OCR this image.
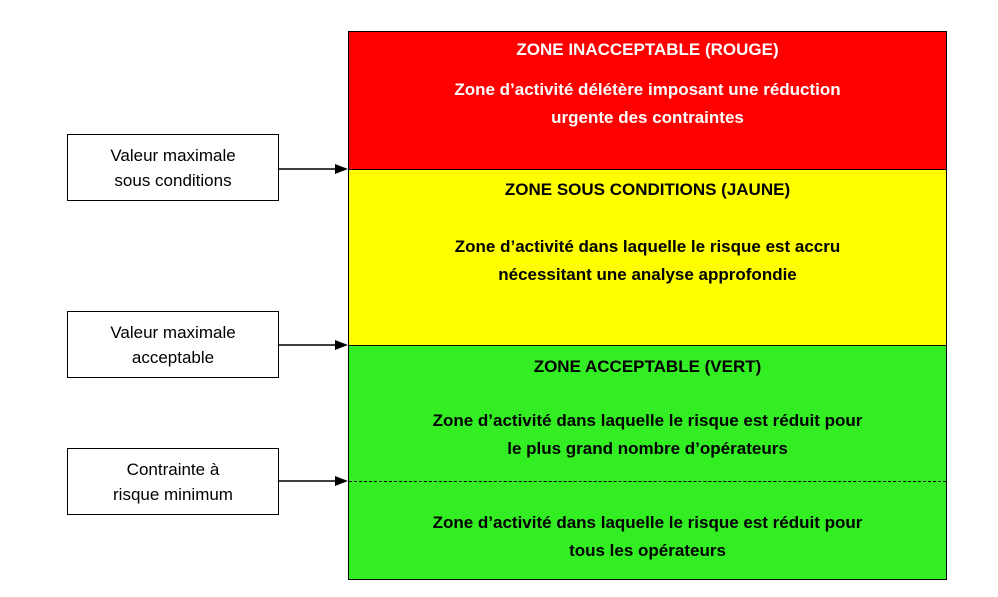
ZONE INACCEPTABLE (ROUGE)
Zone d’activité délétère imposant une réduction
urgente des contraintes
ZONE SOUS CONDITIONS (JAUNE)
Zone d’activité dans laquelle le risque est accru
nécessitant une analyse approfondie
ZONE ACCEPTABLE (VERT)
Zone d’activité dans laquelle le risque est réduit pour
le plus grand nombre d’opérateurs
Zone d’activité dans laquelle le risque est réduit pour
tous les opérateurs
Valeur maximale
sous conditions
Valeur maximale
acceptable
Contrainte à
risque minimum
